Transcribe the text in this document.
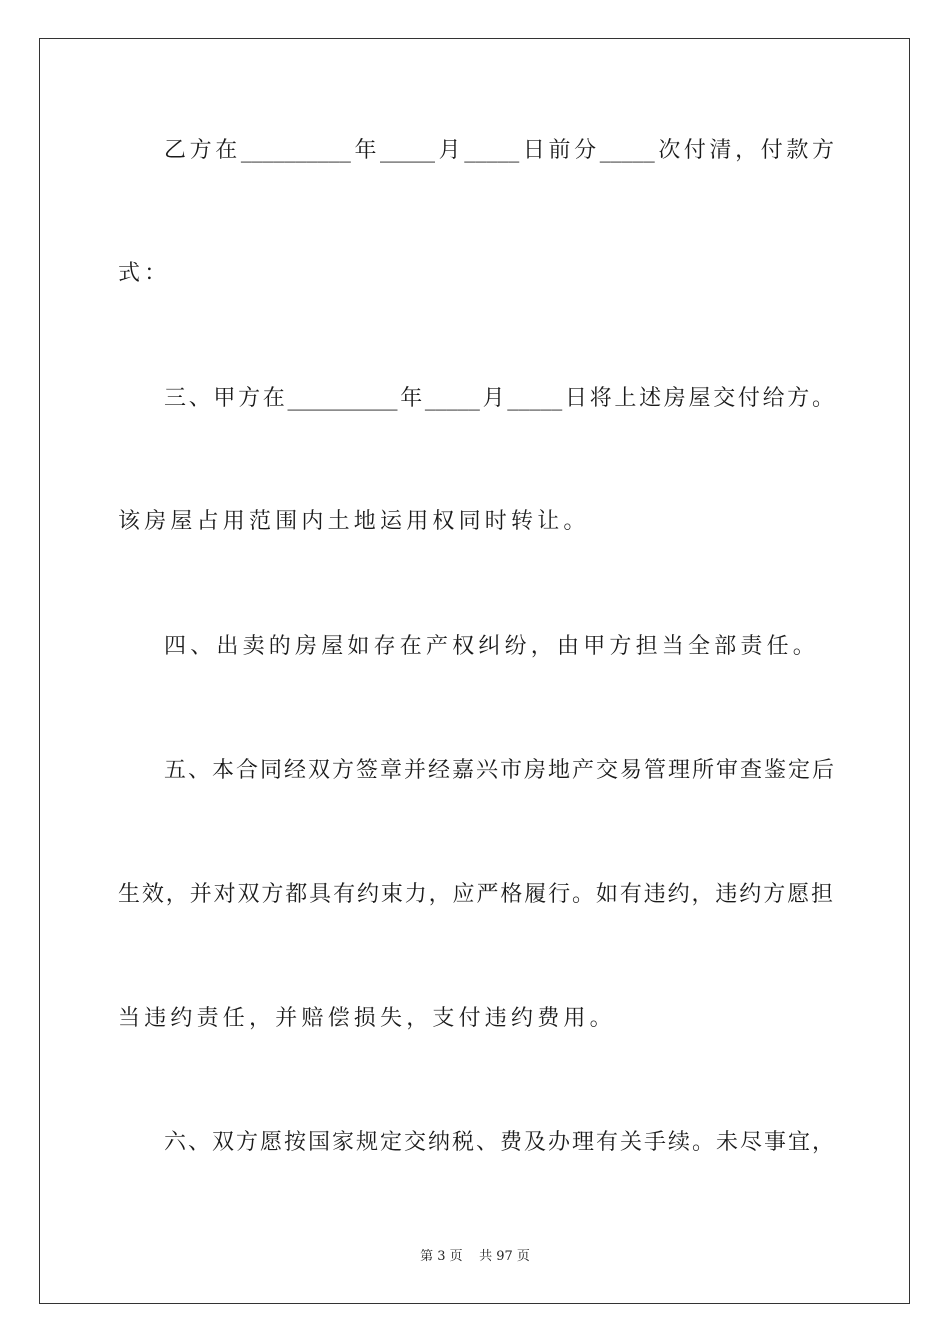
乙方在__________年_____月_____日前分_____次付清，付款方
式：
三、甲方在__________年_____月_____日将上述房屋交付给方。
该房屋占用范围内土地运用权同时转让。
四、出卖的房屋如存在产权纠纷，由甲方担当全部责任。
五、本合同经双方签章并经嘉兴市房地产交易管理所审查鉴定后
生效，并对双方都具有约束力，应严格履行。如有违约，违约方愿担
当违约责任，并赔偿损失，支付违约费用。
六、双方愿按国家规定交纳税、费及办理有关手续。未尽事宜，
第 3 页    共 97 页
